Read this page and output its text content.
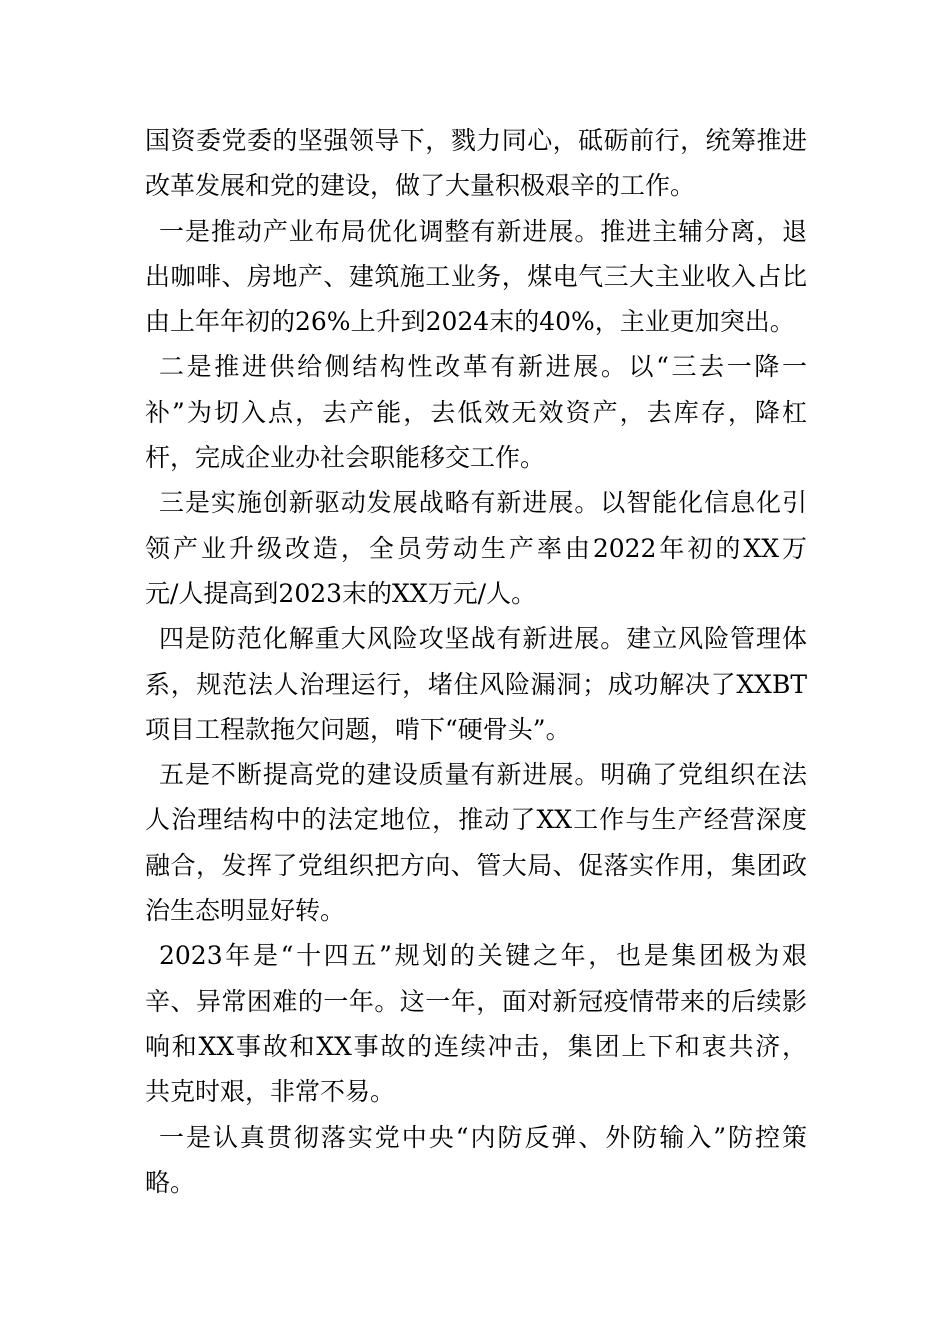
国资委党委的坚强领导下，戮力同心，砥砺前行，统筹推进
改革发展和党的建设，做了大量积极艰辛的工作。
一是推动产业布局优化调整有新进展。推进主辅分离，退
出咖啡、房地产、建筑施工业务，煤电气三大主业收入占比
由上年年初的26%上升到2024末的40%，主业更加突出。
二是推进供给侧结构性改革有新进展。以“三去一降一
补”为切入点，去产能，去低效无效资产，去库存，降杠
杆，完成企业办社会职能移交工作。
三是实施创新驱动发展战略有新进展。以智能化信息化引
领产业升级改造，全员劳动生产率由2022年初的XX万
元/人提高到2023末的XX万元/人。
四是防范化解重大风险攻坚战有新进展。建立风险管理体
系，规范法人治理运行，堵住风险漏洞；成功解决了XXBT
项目工程款拖欠问题，啃下“硬骨头”。
五是不断提高党的建设质量有新进展。明确了党组织在法
人治理结构中的法定地位，推动了XX工作与生产经营深度
融合，发挥了党组织把方向、管大局、促落实作用，集团政
治生态明显好转。
2023年是“十四五”规划的关键之年，也是集团极为艰
辛、异常困难的一年。这一年，面对新冠疫情带来的后续影
响和XX事故和XX事故的连续冲击，集团上下和衷共济，
共克时艰，非常不易。
一是认真贯彻落实党中央“内防反弹、外防输入”防控策
略。
